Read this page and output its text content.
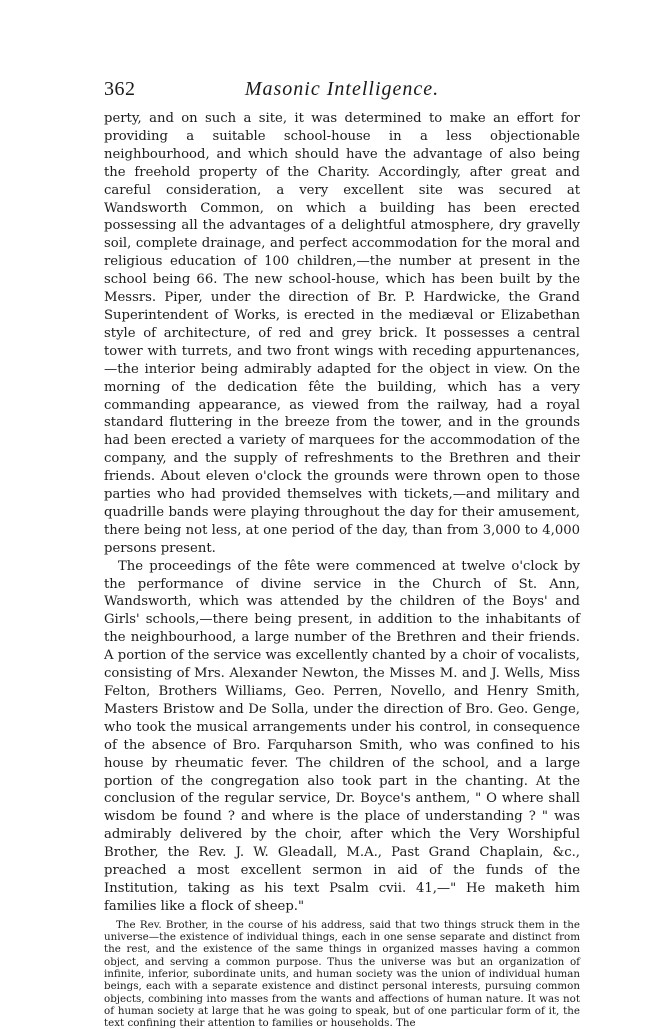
362	Masonic Intelligence.

perty, and on such a site, it was determined to make an effort for providing a suitable school-house in a less objectionable neighbourhood, and which should have the advantage of also being the freehold property of the Charity. Accordingly, after great and careful consideration, a very excellent site was secured at Wandsworth Common, on which a building has been erected possessing all the advantages of a delightful atmosphere, dry gravelly soil, complete drainage, and perfect accommodation for the moral and religious education of 100 children,—the number at present in the school being 66. The new school-house, which has been built by the Messrs. Piper, under the direction of Br. P. Hardwicke, the Grand Superintendent of Works, is erected in the mediæval or Elizabethan style of architecture, of red and grey brick. It possesses a central tower with turrets, and two front wings with receding appurtenances,—the interior being admirably adapted for the object in view. On the morning of the dedication fête the building, which has a very commanding appearance, as viewed from the railway, had a royal standard fluttering in the breeze from the tower, and in the grounds had been erected a variety of marquees for the accommodation of the company, and the supply of refreshments to the Brethren and their friends. About eleven o'clock the grounds were thrown open to those parties who had provided themselves with tickets,—and military and quadrille bands were playing throughout the day for their amusement, there being not less, at one period of the day, than from 3,000 to 4,000 persons present.

The proceedings of the fête were commenced at twelve o'clock by the performance of divine service in the Church of St. Ann, Wandsworth, which was attended by the children of the Boys' and Girls' schools,—there being present, in addition to the inhabitants of the neighbourhood, a large number of the Brethren and their friends. A portion of the service was excellently chanted by a choir of vocalists, consisting of Mrs. Alexander Newton, the Misses M. and J. Wells, Miss Felton, Brothers Williams, Geo. Perren, Novello, and Henry Smith, Masters Bristow and De Solla, under the direction of Bro. Geo. Genge, who took the musical arrangements under his control, in consequence of the absence of Bro. Farquharson Smith, who was confined to his house by rheumatic fever. The children of the school, and a large portion of the congregation also took part in the chanting. At the conclusion of the regular service, Dr. Boyce's anthem, " O where shall wisdom be found ? and where is the place of understanding ? " was admirably delivered by the choir, after which the Very Worshipful Brother, the Rev. J. W. Gleadall, M.A., Past Grand Chaplain, &c., preached a most excellent sermon in aid of the funds of the Institution, taking as his text Psalm cvii. 41,—" He maketh him families like a flock of sheep."

The Rev. Brother, in the course of his address, said that two things struck them in the universe—the existence of individual things, each in one sense separate and distinct from the rest, and the existence of the same things in organized masses having a common object, and serving a common purpose. Thus the universe was but an organization of infinite, inferior, subordinate units, and human society was the union of individual human beings, each with a separate existence and distinct personal interests, pursuing common objects, combining into masses from the wants and affections of human nature. It was not of human society at large that he was going to speak, but of one particular form of it, the text confining their attention to families or households. The
